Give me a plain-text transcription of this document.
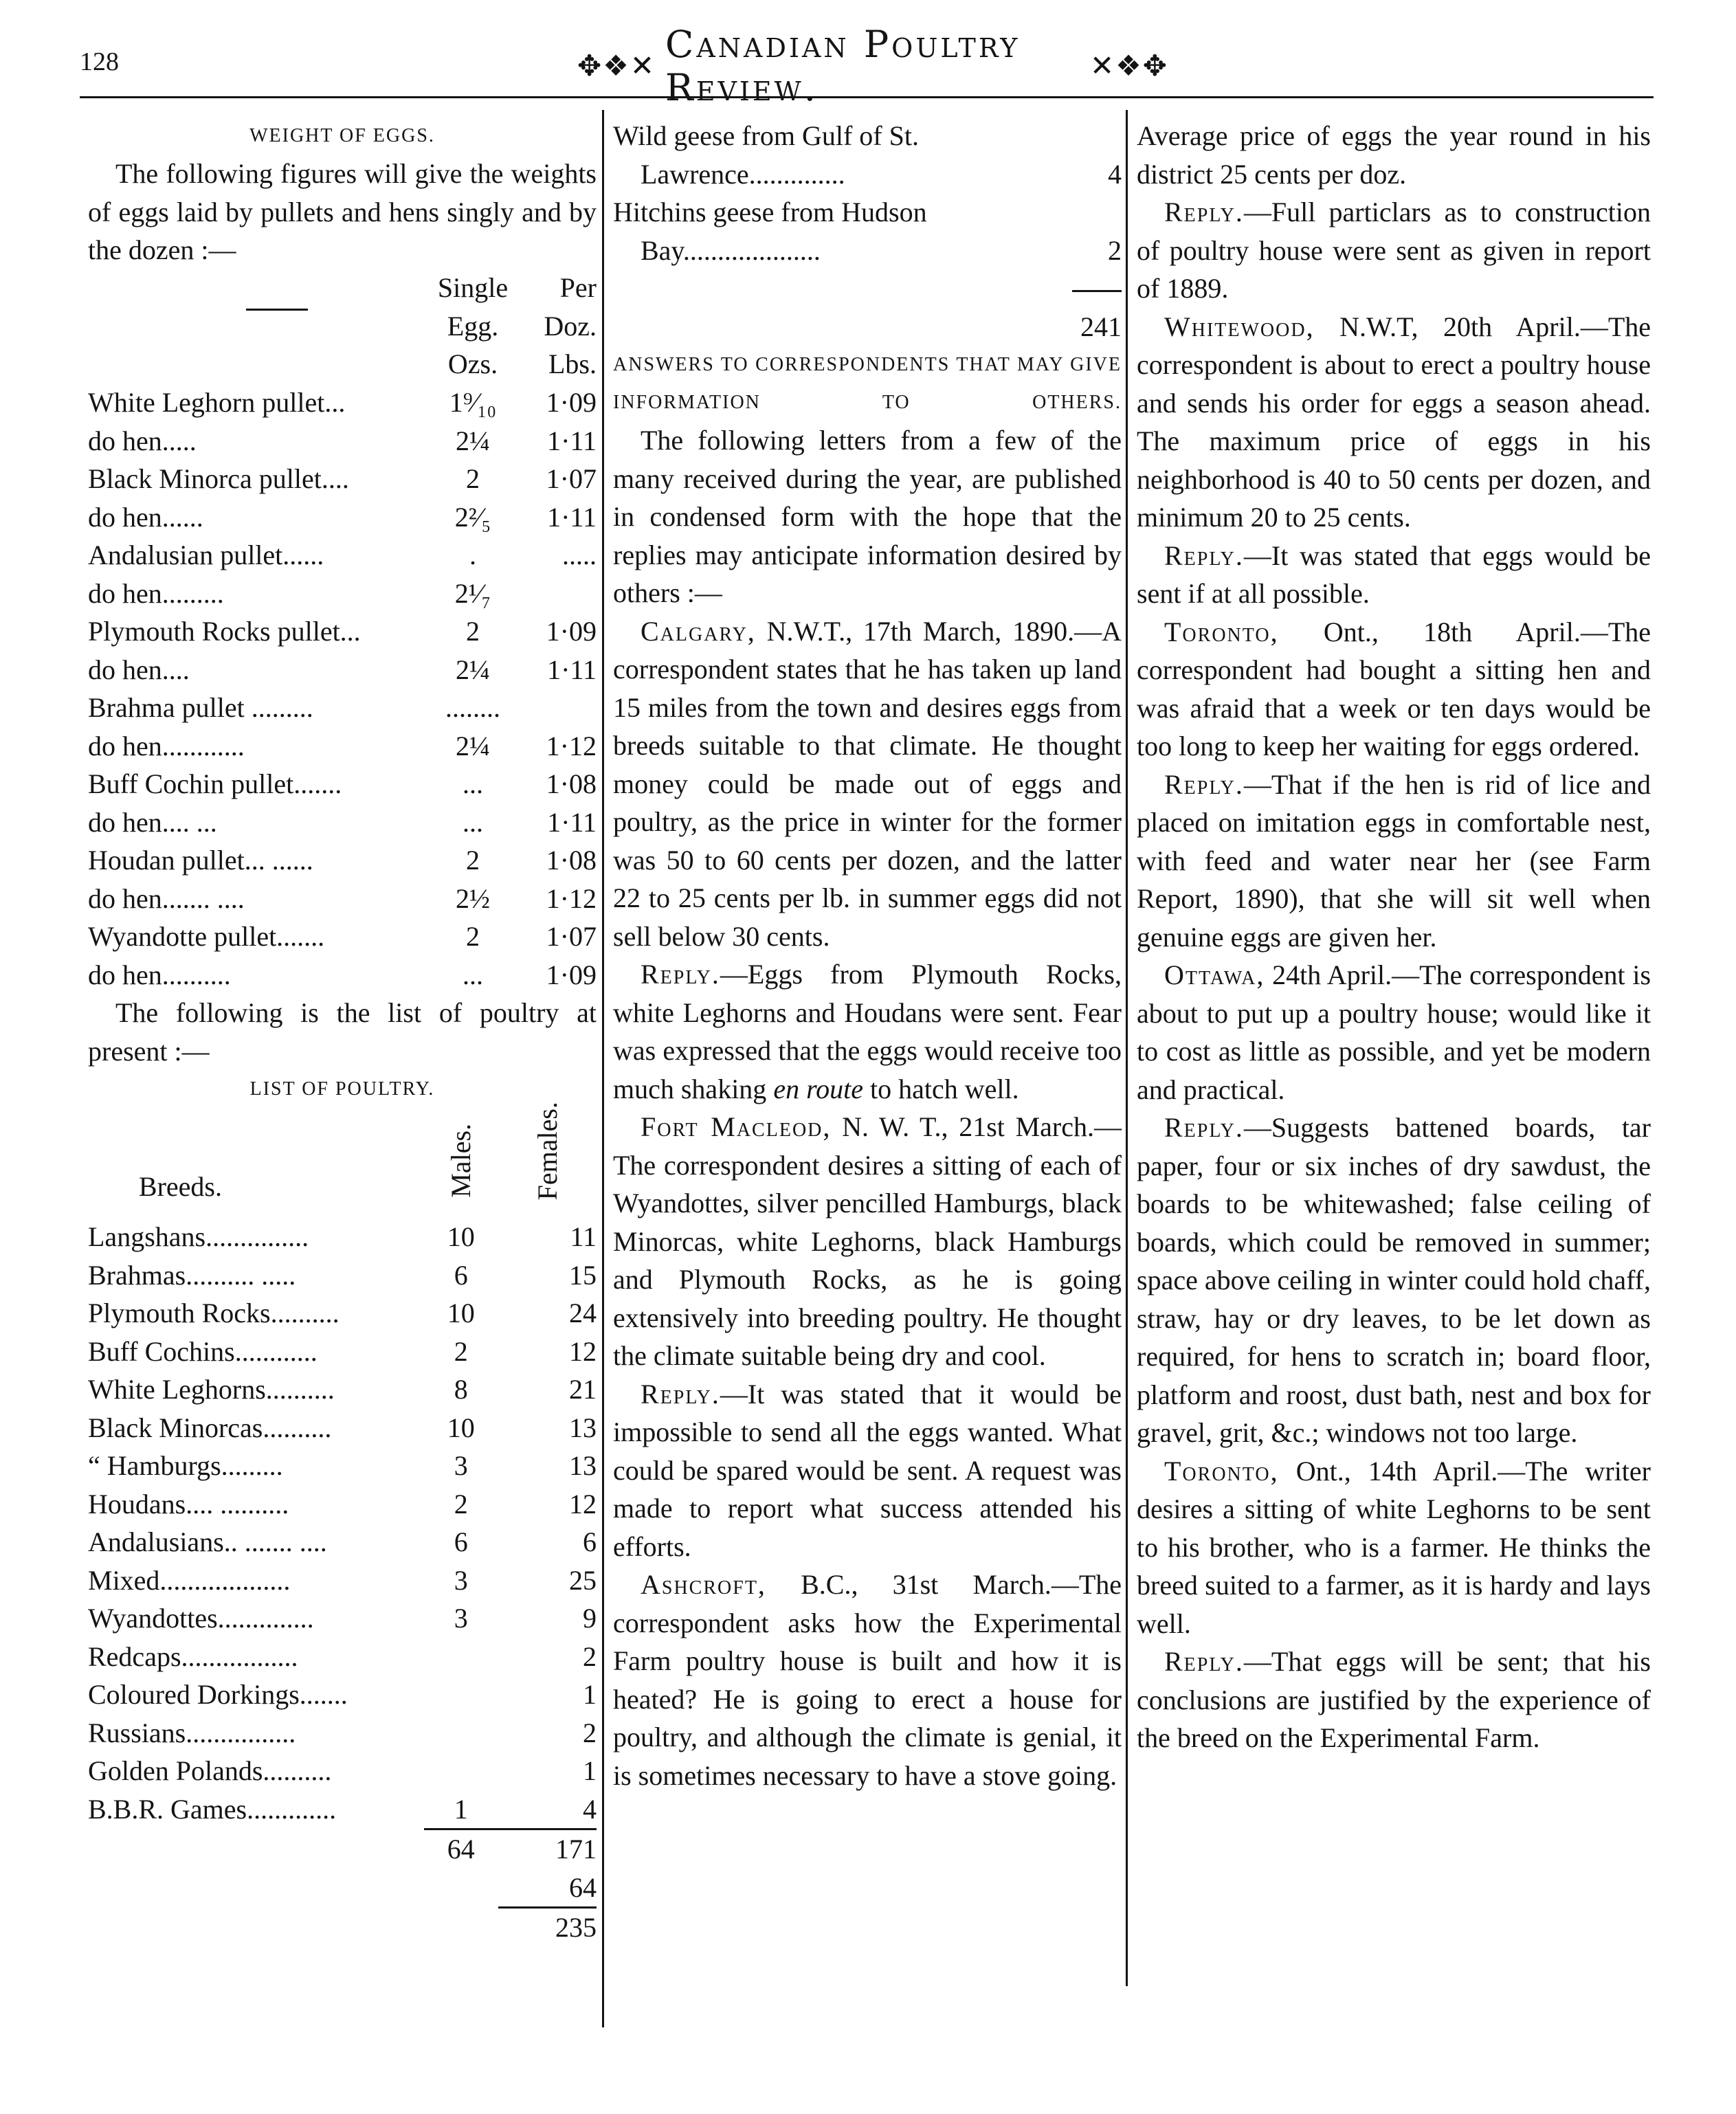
128	✥❖✕
Canadian Poultry Review.	✕❖✥
WEIGHT OF EGGS.

The following figures will give the weights of eggs laid by pullets and hens singly and by the dozen :—

	Single	Per
	Egg.	Doz.
	Ozs.	Lbs.
White Leghorn pullet...	1⁹⁄₁₀	1·09
do hen.....	2¼	1·11
Black Minorca pullet....	2	1·07
do hen......	2²⁄₅	1·11
Andalusian pullet......	.	.....
do hen.........	2¹⁄₇	
Plymouth Rocks pullet...	2	1·09
do hen....	2¼	1·11
Brahma pullet .........	........	
do hen............	2¼	1·12
Buff Cochin pullet.......	...	1·08
do hen.... ...	...	1·11
Houdan pullet... ......	2	1·08
do hen....... ....	2½	1·12
Wyandotte pullet.......	2	1·07
do hen..........	...	1·09

The following is the list of poultry at present :—

LIST OF POULTRY.
Breeds.	Males.	Females.
Langshans...............	10	11
Brahmas.......... .....	6	15
Plymouth Rocks..........	10	24
Buff Cochins............	2	12
White Leghorns..........	8	21
Black Minorcas..........	10	13
“ Hamburgs.........	3	13
Houdans.... ..........	2	12
Andalusians.. ....... ....	6	6
Mixed...................	3	25
Wyandottes..............	3	9
Redcaps.................		2
Coloured Dorkings.......		1
Russians................		2
Golden Polands..........		1
B.B.R. Games.............	1	4
	64	171
		64
		235
Wild geese from Gulf of St.
Lawrence..............	4
Hitchins geese from Hudson
Bay....................	2
241
ANSWERS TO CORRESPONDENTS THAT MAY GIVE INFORMATION TO OTHERS.

The following letters from a few of the many received during the year, are published in condensed form with the hope that the replies may anticipate information desired by others :—

Calgary, N.W.T., 17th March, 1890.—A correspondent states that he has taken up land 15 miles from the town and desires eggs from breeds suitable to that climate. He thought money could be made out of eggs and poultry, as the price in winter for the former was 50 to 60 cents per dozen, and the latter 22 to 25 cents per lb. in summer eggs did not sell below 30 cents.

Reply.—Eggs from Plymouth Rocks, white Leghorns and Houdans were sent. Fear was expressed that the eggs would receive too much shaking en route to hatch well.

Fort Macleod, N. W. T., 21st March.—The correspondent desires a sitting of each of Wyandottes, silver pencilled Hamburgs, black Minorcas, white Leghorns, black Hamburgs and Plymouth Rocks, as he is going extensively into breeding poultry. He thought the climate suitable being dry and cool.

Reply.—It was stated that it would be impossible to send all the eggs wanted. What could be spared would be sent. A request was made to report what success attended his efforts.

Ashcroft, B.C., 31st March.—The correspondent asks how the Experimental Farm poultry house is built and how it is heated? He is going to erect a house for poultry, and although the climate is genial, it is sometimes necessary to have a stove going.

Average price of eggs the year round in his district 25 cents per doz.

Reply.—Full particlars as to construction of poultry house were sent as given in report of 1889.

Whitewood, N.W.T, 20th April.—The correspondent is about to erect a poultry house and sends his order for eggs a season ahead. The maximum price of eggs in his neighborhood is 40 to 50 cents per dozen, and minimum 20 to 25 cents.

Reply.—It was stated that eggs would be sent if at all possible.

Toronto, Ont., 18th April.—The correspondent had bought a sitting hen and was afraid that a week or ten days would be too long to keep her waiting for eggs ordered.

Reply.—That if the hen is rid of lice and placed on imitation eggs in comfortable nest, with feed and water near her (see Farm Report, 1890), that she will sit well when genuine eggs are given her.

Ottawa, 24th April.—The correspondent is about to put up a poultry house; would like it to cost as little as possible, and yet be modern and practical.

Reply.—Suggests battened boards, tar paper, four or six inches of dry sawdust, the boards to be whitewashed; false ceiling of boards, which could be removed in summer; space above ceiling in winter could hold chaff, straw, hay or dry leaves, to be let down as required, for hens to scratch in; board floor, platform and roost, dust bath, nest and box for gravel, grit, &c.; windows not too large.

Toronto, Ont., 14th April.—The writer desires a sitting of white Leghorns to be sent to his brother, who is a farmer. He thinks the breed suited to a farmer, as it is hardy and lays well.

Reply.—That eggs will be sent; that his conclusions are justified by the experience of the breed on the Experimental Farm.
